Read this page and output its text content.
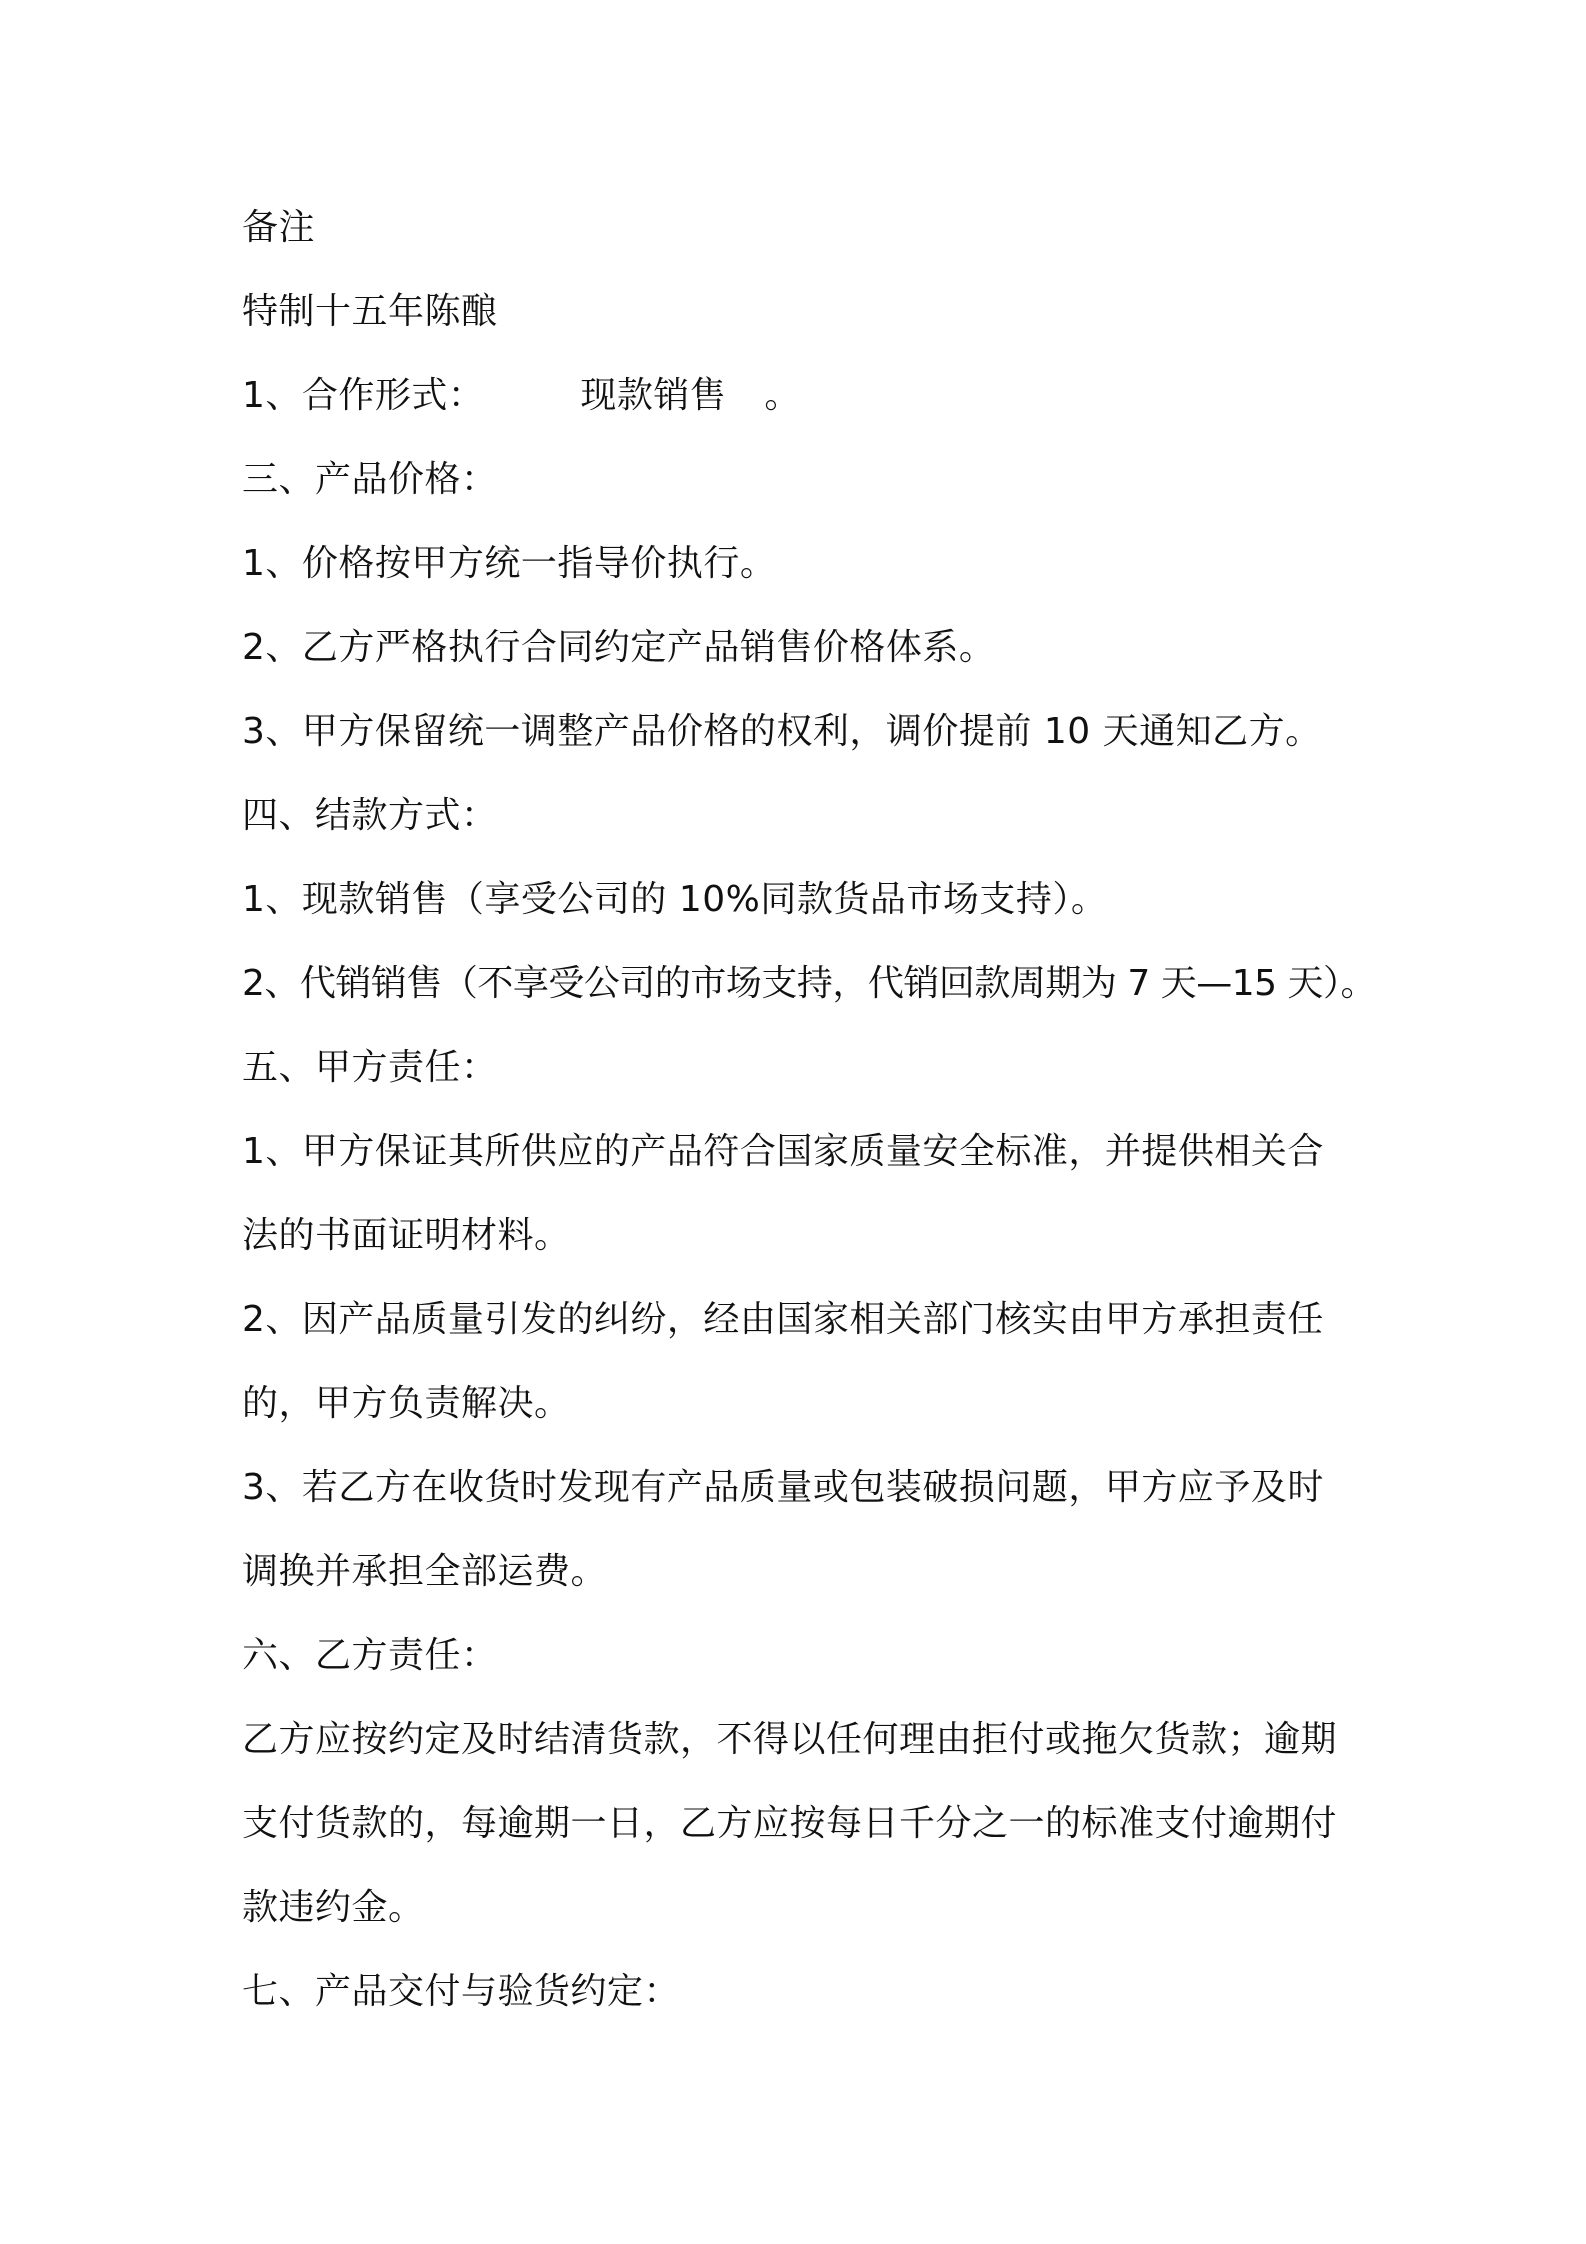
备注
特制十五年陈酿
1、合作形式：	现款销售 。
三、产品价格：
1、价格按甲方统一指导价执行。
2、乙方严格执行合同约定产品销售价格体系。
3、甲方保留统一调整产品价格的权利，调价提前 10 天通知乙方。
四、结款方式：
1、现款销售（享受公司的 10%同款货品市场支持）。
2、代销销售（不享受公司的市场支持，代销回款周期为 7 天—15 天）。
五、甲方责任：
1、甲方保证其所供应的产品符合国家质量安全标准，并提供相关合
法的书面证明材料。
2、因产品质量引发的纠纷，经由国家相关部门核实由甲方承担责任
的，甲方负责解决。
3、若乙方在收货时发现有产品质量或包装破损问题，甲方应予及时
调换并承担全部运费。
六、乙方责任：
乙方应按约定及时结清货款，不得以任何理由拒付或拖欠货款；逾期
支付货款的，每逾期一日，乙方应按每日千分之一的标准支付逾期付
款违约金。
七、产品交付与验货约定：
